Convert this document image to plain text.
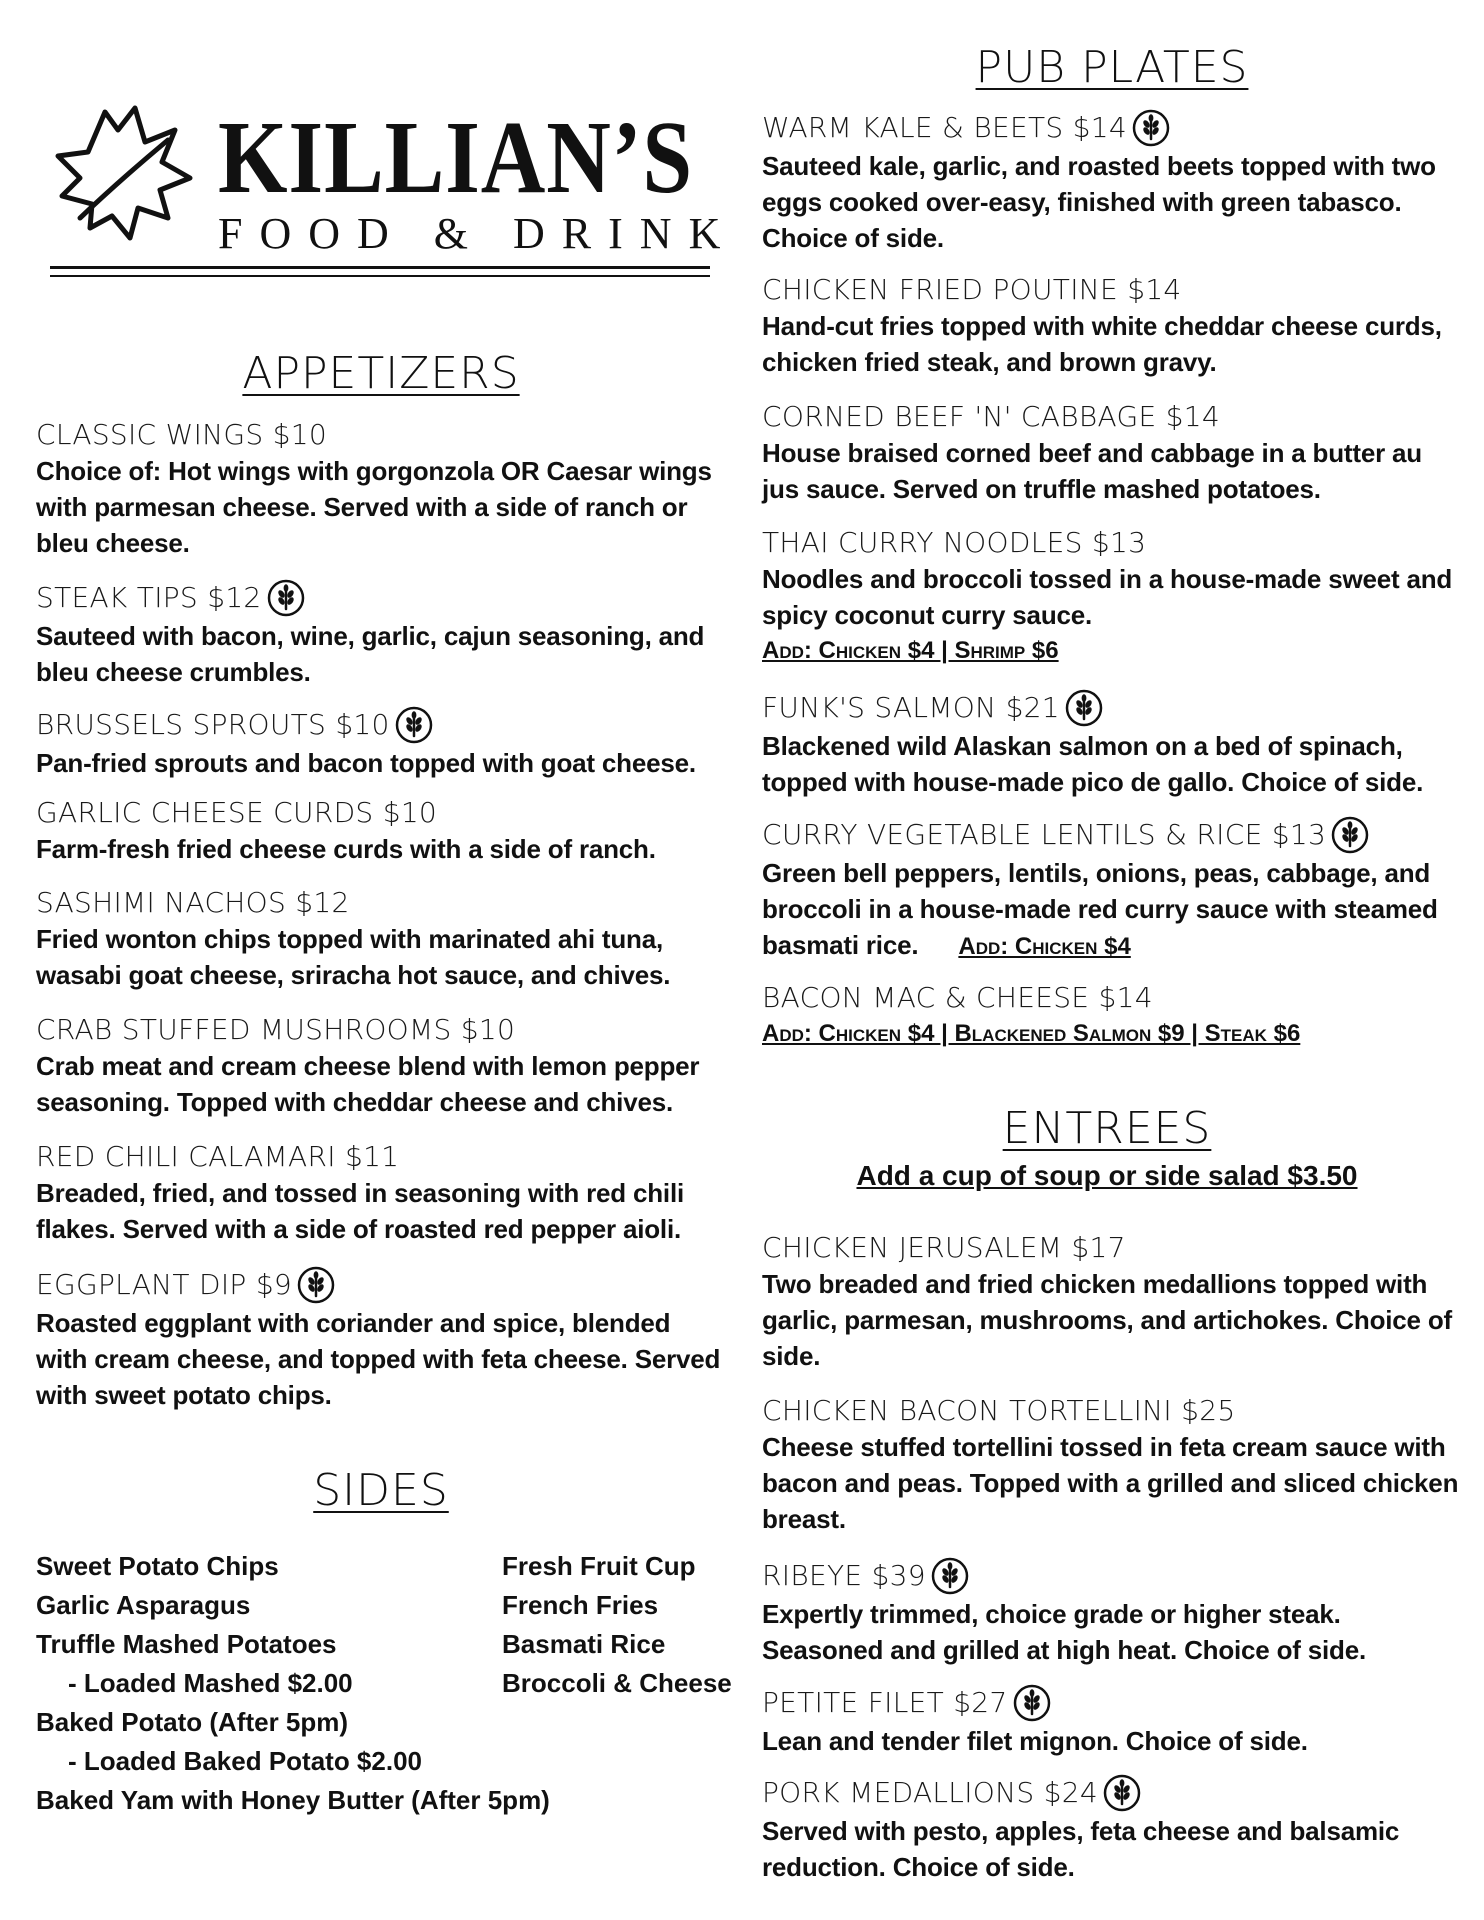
KILLIAN’S
FOOD & DRINK
APPETIZERS
CLASSIC WINGS $10
Choice of: Hot wings with gorgonzola OR Caesar wings with parmesan cheese. Served with a side of ranch or bleu cheese.
STEAK TIPS $12
Sauteed with bacon, wine, garlic, cajun seasoning, and bleu cheese crumbles.
BRUSSELS SPROUTS $10
Pan-fried sprouts and bacon topped with goat cheese.
GARLIC CHEESE CURDS $10
Farm-fresh fried cheese curds with a side of ranch.
SASHIMI NACHOS $12
Fried wonton chips topped with marinated ahi tuna, wasabi goat cheese, sriracha hot sauce, and chives.
CRAB STUFFED MUSHROOMS $10
Crab meat and cream cheese blend with lemon pepper seasoning. Topped with cheddar cheese and chives.
RED CHILI CALAMARI $11
Breaded, fried, and tossed in seasoning with red chili flakes. Served with a side of roasted red pepper aioli.
EGGPLANT DIP $9
Roasted eggplant with coriander and spice, blended with cream cheese, and topped with feta cheese. Served with sweet potato chips.
SIDES
Sweet Potato Chips
Garlic Asparagus
Truffle Mashed Potatoes
- Loaded Mashed $2.00
Baked Potato (After 5pm)
- Loaded Baked Potato $2.00
Baked Yam with Honey Butter (After 5pm)
Fresh Fruit Cup
French Fries
Basmati Rice
Broccoli & Cheese
PUB PLATES
WARM KALE & BEETS $14
Sauteed kale, garlic, and roasted beets topped with two eggs cooked over-easy, finished with green tabasco. Choice of side.
CHICKEN FRIED POUTINE $14
Hand-cut fries topped with white cheddar cheese curds, chicken fried steak, and brown gravy.
CORNED BEEF 'N' CABBAGE $14
House braised corned beef and cabbage in a butter au jus sauce. Served on truffle mashed potatoes.
THAI CURRY NOODLES $13
Noodles and broccoli tossed in a house-made sweet and spicy coconut curry sauce.
Add: Chicken $4 | Shrimp $6
FUNK'S SALMON $21
Blackened wild Alaskan salmon on a bed of spinach, topped with house-made pico de gallo. Choice of side.
CURRY VEGETABLE LENTILS & RICE $13
Green bell peppers, lentils, onions, peas, cabbage, and broccoli in a house-made red curry sauce with steamed basmati rice. Add: Chicken $4
BACON MAC & CHEESE $14
Add: Chicken $4 | Blackened Salmon $9 | Steak $6
ENTREES
Add a cup of soup or side salad $3.50
CHICKEN JERUSALEM $17
Two breaded and fried chicken medallions topped with garlic, parmesan, mushrooms, and artichokes. Choice of side.
CHICKEN BACON TORTELLINI $25
Cheese stuffed tortellini tossed in feta cream sauce with bacon and peas. Topped with a grilled and sliced chicken breast.
RIBEYE $39
Expertly trimmed, choice grade or higher steak. Seasoned and grilled at high heat. Choice of side.
PETITE FILET $27
Lean and tender filet mignon. Choice of side.
PORK MEDALLIONS $24
Served with pesto, apples, feta cheese and balsamic reduction. Choice of side.
